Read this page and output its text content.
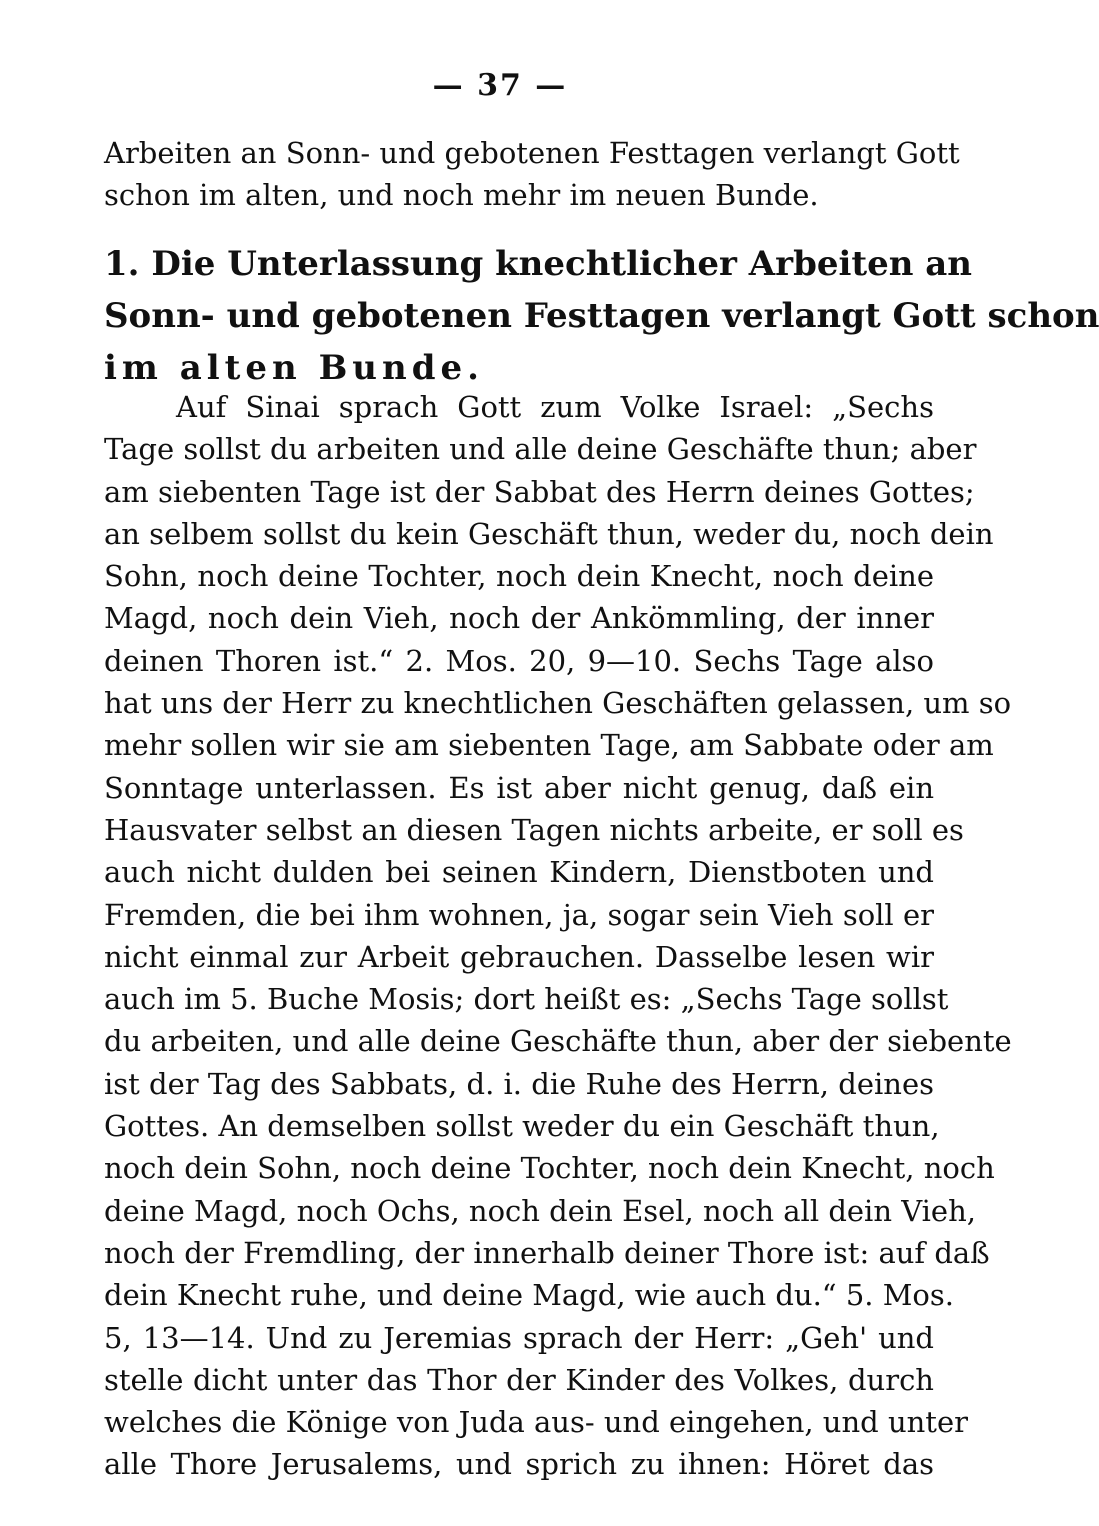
— 37 —
Arbeiten an Sonn- und gebotenen Festtagen verlangt Gott
schon im alten, und noch mehr im neuen Bunde.
1. Die Unterlassung knechtlicher Arbeiten an
Sonn- und gebotenen Festtagen verlangt Gott schon
im alten Bunde.
Auf Sinai sprach Gott zum Volke Israel: „Sechs
Tage sollst du arbeiten und alle deine Geschäfte thun; aber
am siebenten Tage ist der Sabbat des Herrn deines Gottes;
an selbem sollst du kein Geschäft thun, weder du, noch dein
Sohn, noch deine Tochter, noch dein Knecht, noch deine
Magd, noch dein Vieh, noch der Ankömmling, der inner
deinen Thoren ist.“ 2. Mos. 20, 9—10. Sechs Tage also
hat uns der Herr zu knechtlichen Geschäften gelassen, um so
mehr sollen wir sie am siebenten Tage, am Sabbate oder am
Sonntage unterlassen. Es ist aber nicht genug, daß ein
Hausvater selbst an diesen Tagen nichts arbeite, er soll es
auch nicht dulden bei seinen Kindern, Dienstboten und
Fremden, die bei ihm wohnen, ja, sogar sein Vieh soll er
nicht einmal zur Arbeit gebrauchen. Dasselbe lesen wir
auch im 5. Buche Mosis; dort heißt es: „Sechs Tage sollst
du arbeiten, und alle deine Geschäfte thun, aber der siebente
ist der Tag des Sabbats, d. i. die Ruhe des Herrn, deines
Gottes. An demselben sollst weder du ein Geschäft thun,
noch dein Sohn, noch deine Tochter, noch dein Knecht, noch
deine Magd, noch Ochs, noch dein Esel, noch all dein Vieh,
noch der Fremdling, der innerhalb deiner Thore ist: auf daß
dein Knecht ruhe, und deine Magd, wie auch du.“ 5. Mos.
5, 13—14. Und zu Jeremias sprach der Herr: „Geh' und
stelle dicht unter das Thor der Kinder des Volkes, durch
welches die Könige von Juda aus- und eingehen, und unter
alle Thore Jerusalems, und sprich zu ihnen: Höret das
